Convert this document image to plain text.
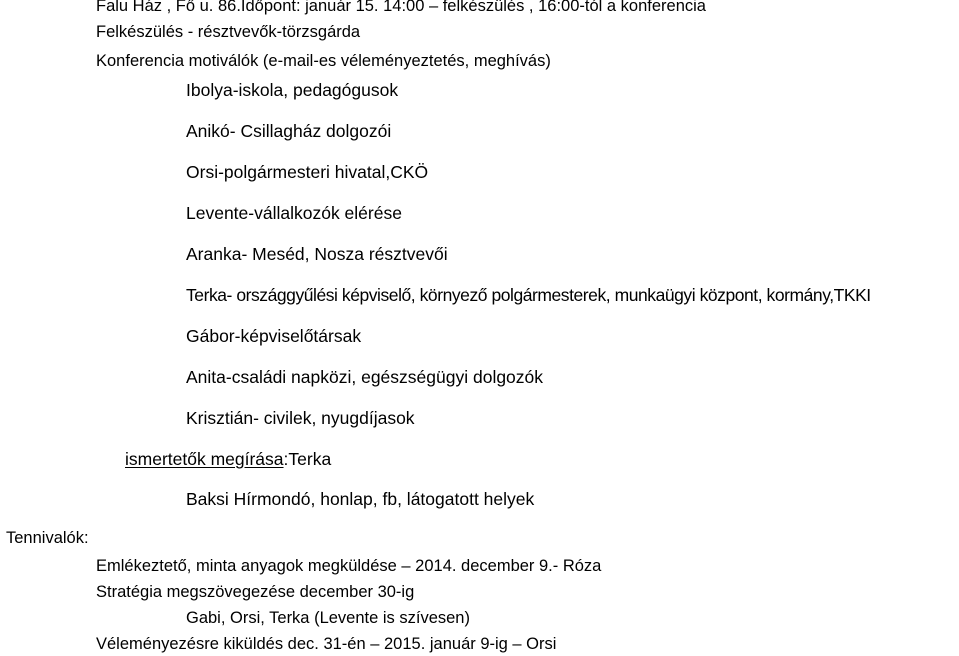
Falu Ház , Fő u. 86.Időpont: január 15. 14:00 – felkészülés , 16:00-tól a konferencia
Felkészülés - résztvevők-törzsgárda
Konferencia motiválók (e-mail-es véleményeztetés, meghívás)
Ibolya-iskola, pedagógusok
Anikó- Csillagház dolgozói
Orsi-polgármesteri hivatal,CKÖ
Levente-vállalkozók elérése
Aranka- Meséd, Nosza résztvevői
Terka- országgyűlési képviselő, környező polgármesterek, munkaügyi központ, kormány,TKKI
Gábor-képviselőtársak
Anita-családi napközi, egészségügyi dolgozók
Krisztián- civilek, nyugdíjasok
ismertetők megírása:Terka
Baksi Hírmondó, honlap, fb, látogatott helyek
Tennivalók:
Emlékeztető, minta anyagok megküldése – 2014. december 9.- Róza
Stratégia megszövegezése december 30-ig
Gabi, Orsi, Terka (Levente is szívesen)
Véleményezésre kiküldés dec. 31-én – 2015. január 9-ig – Orsi
